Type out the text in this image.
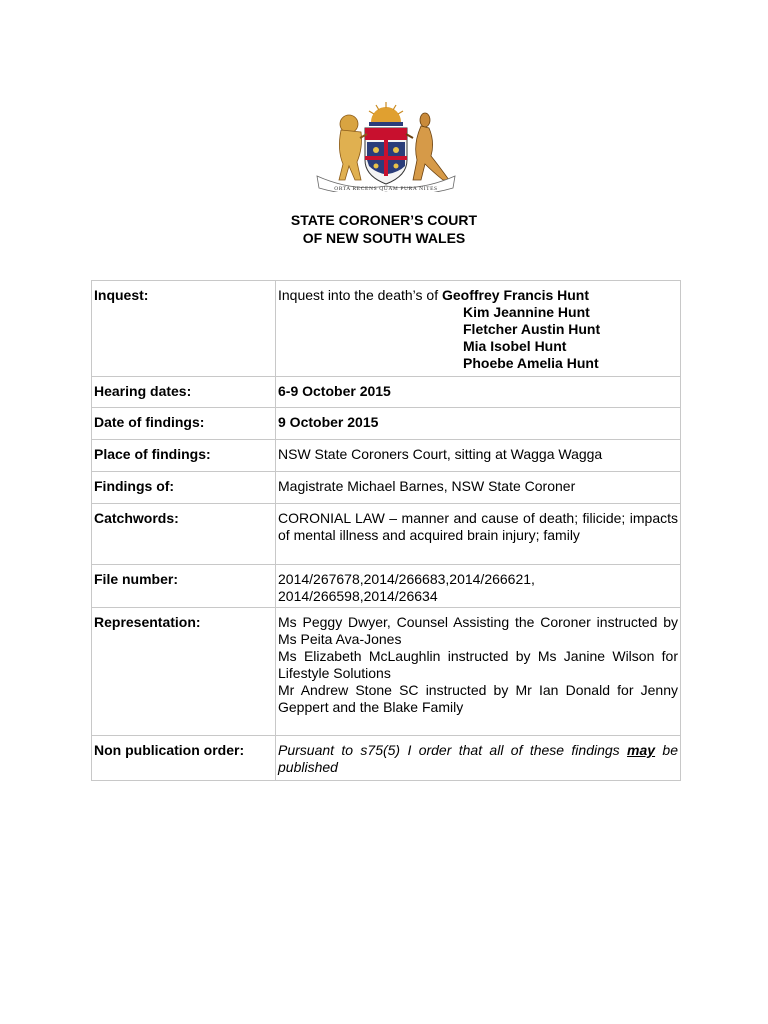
ORTA RECENS QUAM PURA NITES
STATE CORONER’S COURT
OF NEW SOUTH WALES
Inquest:	Inquest into the death’s of Geoffrey Francis Hunt
Kim Jeannine Hunt
Fletcher Austin Hunt
Mia Isobel Hunt
Phoebe Amelia Hunt

Hearing dates:	6-9 October 2015
Date of findings:	9 October 2015
Place of findings:	NSW State Coroners Court, sitting at Wagga Wagga
Findings of:	Magistrate Michael Barnes, NSW State Coroner
Catchwords:	CORONIAL LAW – manner and cause of death; filicide; impacts of mental illness and acquired brain injury; family
File number:	2014/267678,2014/266683,2014/266621,
2014/266598,2014/26634

Representation:	Ms Peggy Dwyer, Counsel Assisting the Coroner instructed by Ms Peita Ava-Jones
Ms Elizabeth McLaughlin instructed by Ms Janine Wilson for Lifestyle Solutions
Mr Andrew Stone SC instructed by Mr Ian Donald for Jenny Geppert and the Blake Family

Non publication order:	Pursuant to s75(5) I order that all of these findings may be published
